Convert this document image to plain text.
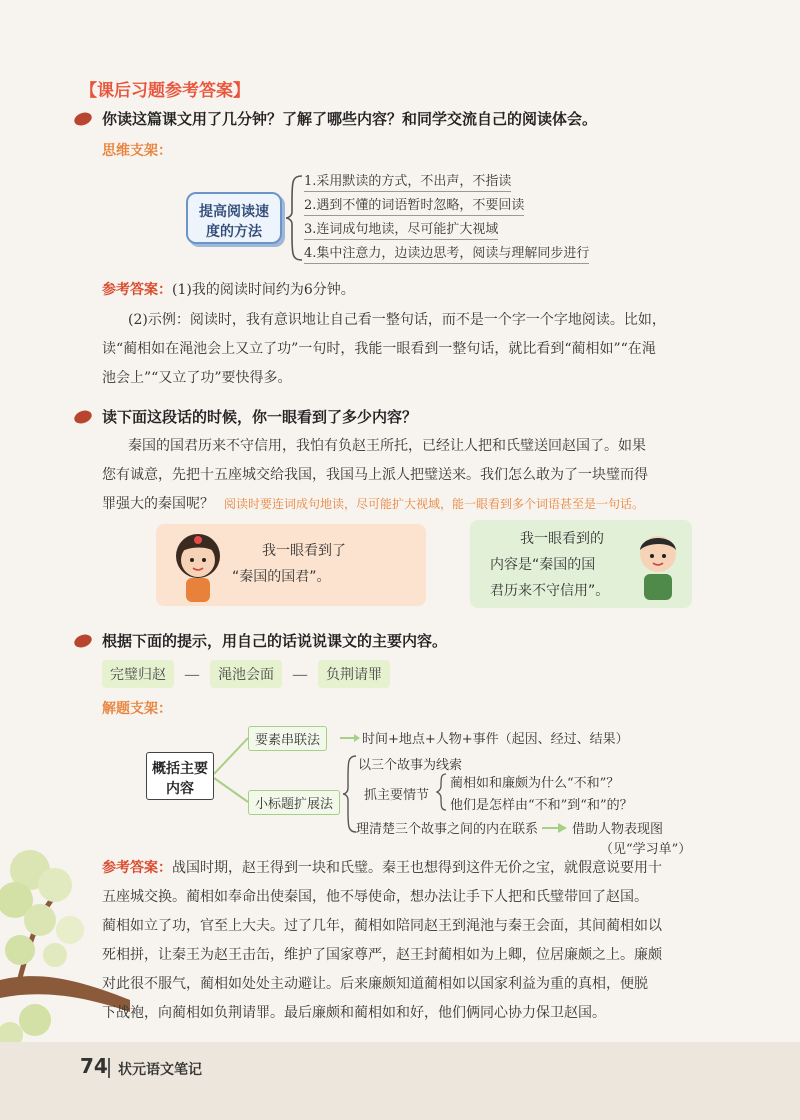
【课后习题参考答案】
你读这篇课文用了几分钟？了解了哪些内容？和同学交流自己的阅读体会。
思维支架：
提高阅读速度的方法
1.采用默读的方式，不出声，不指读
2.遇到不懂的词语暂时忽略，不要回读
3.连词成句地读，尽可能扩大视域
4.集中注意力，边读边思考，阅读与理解同步进行
参考答案： (1)我的阅读时间约为6分钟。
(2)示例：阅读时，我有意识地让自己看一整句话，而不是一个字一个字地阅读。比如，
读“蔺相如在渑池会上又立了功”一句时，我能一眼看到一整句话，就比看到“蔺相如”“在渑
池会上”“又立了功”要快得多。
读下面这段话的时候，你一眼看到了多少内容？
秦国的国君历来不守信用，我怕有负赵王所托，已经让人把和氏璧送回赵国了。如果
您有诚意，先把十五座城交给我国，我国马上派人把璧送来。我们怎么敢为了一块璧而得
罪强大的秦国呢？ 阅读时要连词成句地读，尽可能扩大视域，能一眼看到多个词语甚至是一句话。
我一眼看到了
“秦国的国君”。
我一眼看到的
内容是“秦国的国
君历来不守信用”。
根据下面的提示，用自己的话说说课文的主要内容。
完璧归赵	—	渑池会面	—	负荆请罪
解题支架：
概括主要内容
要素串联法	时间+地点+人物+事件（起因、经过、结果）
小标题扩展法
以三个故事为线索
抓主要情节
蔺相如和廉颇为什么“不和”？
他们是怎样由“不和”到“和”的？
理清楚三个故事之间的内在联系	借助人物表现图
（见“学习单”）
参考答案： 战国时期，赵王得到一块和氏璧。秦王也想得到这件无价之宝，就假意说要用十
五座城交换。蔺相如奉命出使秦国，他不辱使命，想办法让手下人把和氏璧带回了赵国。
蔺相如立了功，官至上大夫。过了几年，蔺相如陪同赵王到渑池与秦王会面，其间蔺相如以
死相拼，让秦王为赵王击缶，维护了国家尊严，赵王封蔺相如为上卿，位居廉颇之上。廉颇
对此很不服气，蔺相如处处主动避让。后来廉颇知道蔺相如以国家利益为重的真相，便脱
下战袍，向蔺相如负荆请罪。最后廉颇和蔺相如和好，他们俩同心协力保卫赵国。
74 状元语文笔记
